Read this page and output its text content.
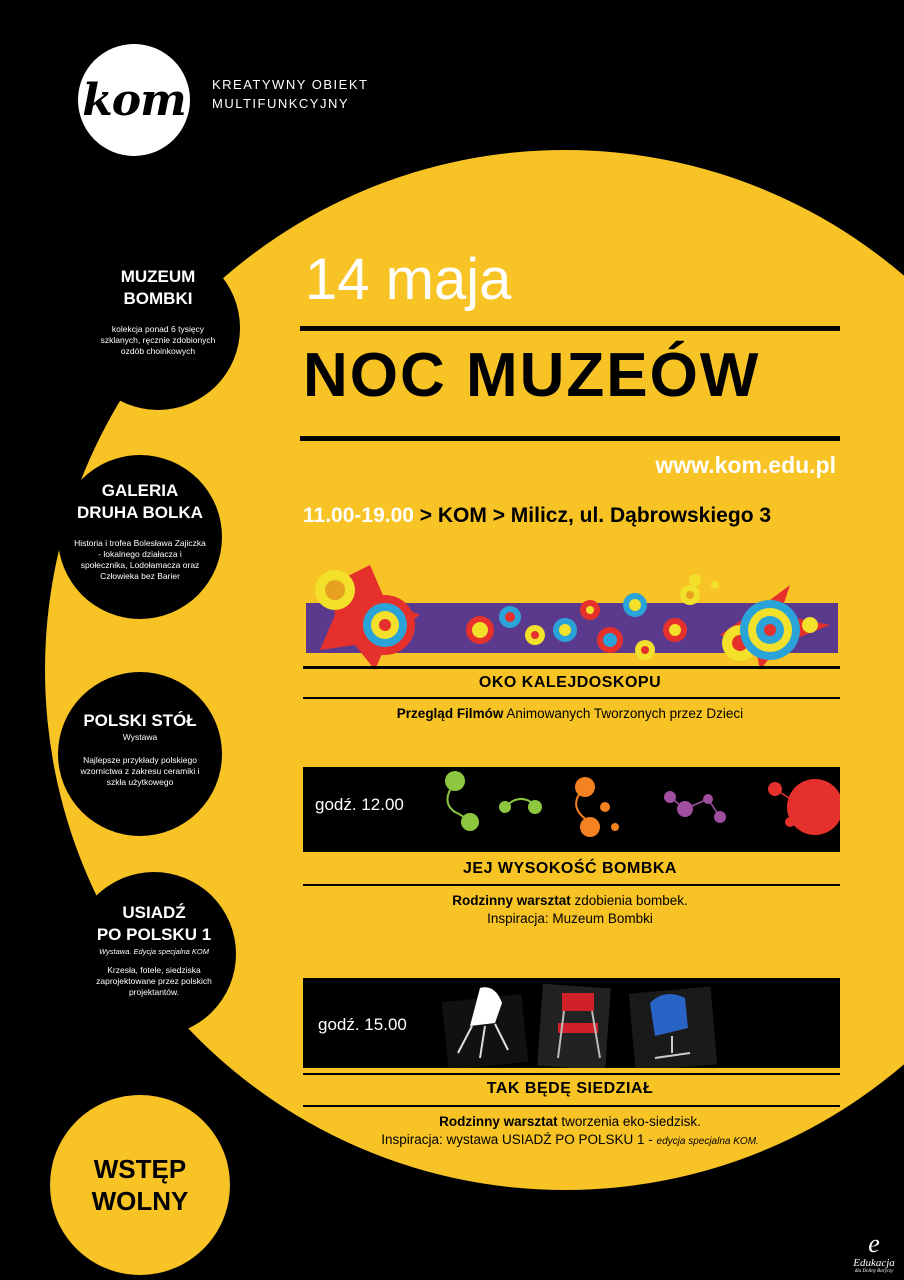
kom KREATYWNY OBIEKT
MULTIFUNKCYJNY
MUZEUM
BOMBKI
kolekcja ponad 6 tysięcy szklanych, ręcznie zdobionych ozdób choinkowych
GALERIA
DRUHA BOLKA
Historia i trofea Bolesława Zajiczka - lokalnego działacza i społecznika, Lodołamacza oraz Człowieka bez Barier
POLSKI STÓŁ
Wystawa
Najlepsze przykłady polskiego wzornictwa z zakresu ceramiki i szkła użytkowego
USIADŹ
PO POLSKU 1
Wystawa. Edycja specjalna KOM
Krzesła, fotele, siedziska zaprojektowane przez polskich projektantów.
14 maja
NOC MUZEÓW
www.kom.edu.pl
11.00-19.00 > KOM > Milicz, ul. Dąbrowskiego 3
OKO KALEJDOSKOPU
Przegląd Filmów Animowanych Tworzonych przez Dzieci
godź. 12.00
JEJ WYSOKOŚĆ BOMBKA
Rodzinny warsztat zdobienia bombek.
Inspiracja: Muzeum Bombki
godź. 15.00
TAK BĘDĘ SIEDZIAŁ
Rodzinny warsztat tworzenia eko-siedzisk.
Inspiracja: wystawa USIADŹ PO POLSKU 1 - edycja specjalna KOM.
WSTĘP
WOLNY
e
Edukacja
dla Doliny Baryczy
